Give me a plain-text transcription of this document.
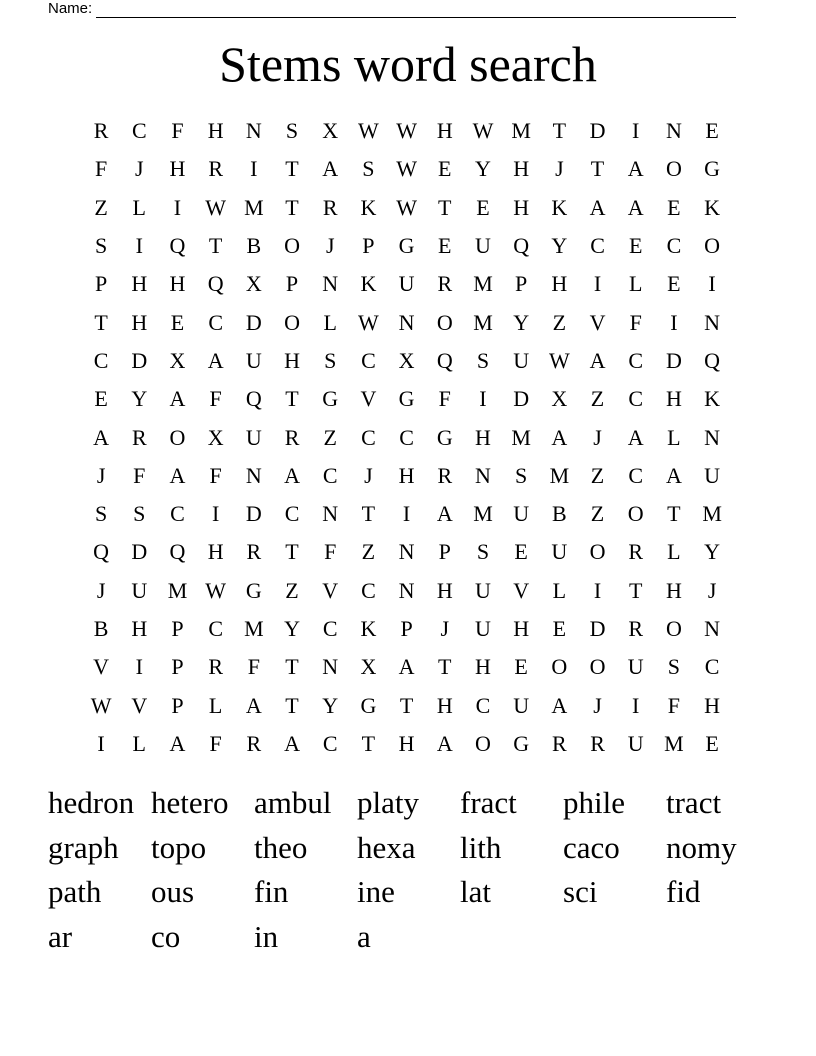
Name:
Stems word search
R	C	F	H	N	S	X W W H W M T	D	I	N	E
F	J	H	R	I	T	A	S W E	Y	H	J	T	A	O	G
Z	L	I	W M T	R	K W T	E	H	K	A	A	E	K
S	I	Q	T	B	O	J	P	G	E	U	Q	Y	C	E	C	O
P	H	H	Q	X	P	N	K	U	R M	P	H	I	L	E	I
T	H	E	C	D	O	L W N	O M Y	Z	V	F	I	N
C	D	X	A	U	H	S	C	X	Q	S	U W A	C	D	Q
E	Y	A	F	Q	T	G	V	G	F	I	D	X	Z	C	H	K
A	R	O	X	U	R	Z	C	C	G	H M A	J	A	L	N
J	F	A	F	N	A	C	J	H	R	N	S	M Z	C	A	U
S	S	C	I	D	C	N	T	I	A M U	B	Z	O	T M
Q	D	Q	H	R	T	F	Z	N	P	S	E	U	O	R	L	Y
J	U M W G	Z	V	C	N	H	U	V	L	I	T	H	J
B	H	P	C M Y	C	K	P	J	U	H	E	D	R	O	N
V	I	P	R	F	T	N	X	A	T	H	E	O	O	U	S	C
W V	P	L	A	T	Y	G	T	H	C	U	A	J	I	F	H
I	L	A	F	R	A	C	T	H	A	O	G	R	R	U M E
hedron hetero ambul platy	fract	phile	tract
graph	topo	theo	hexa	lith	caco	nomy
path	ous	fin	ine	lat	sci	fid
ar	co	in	a
